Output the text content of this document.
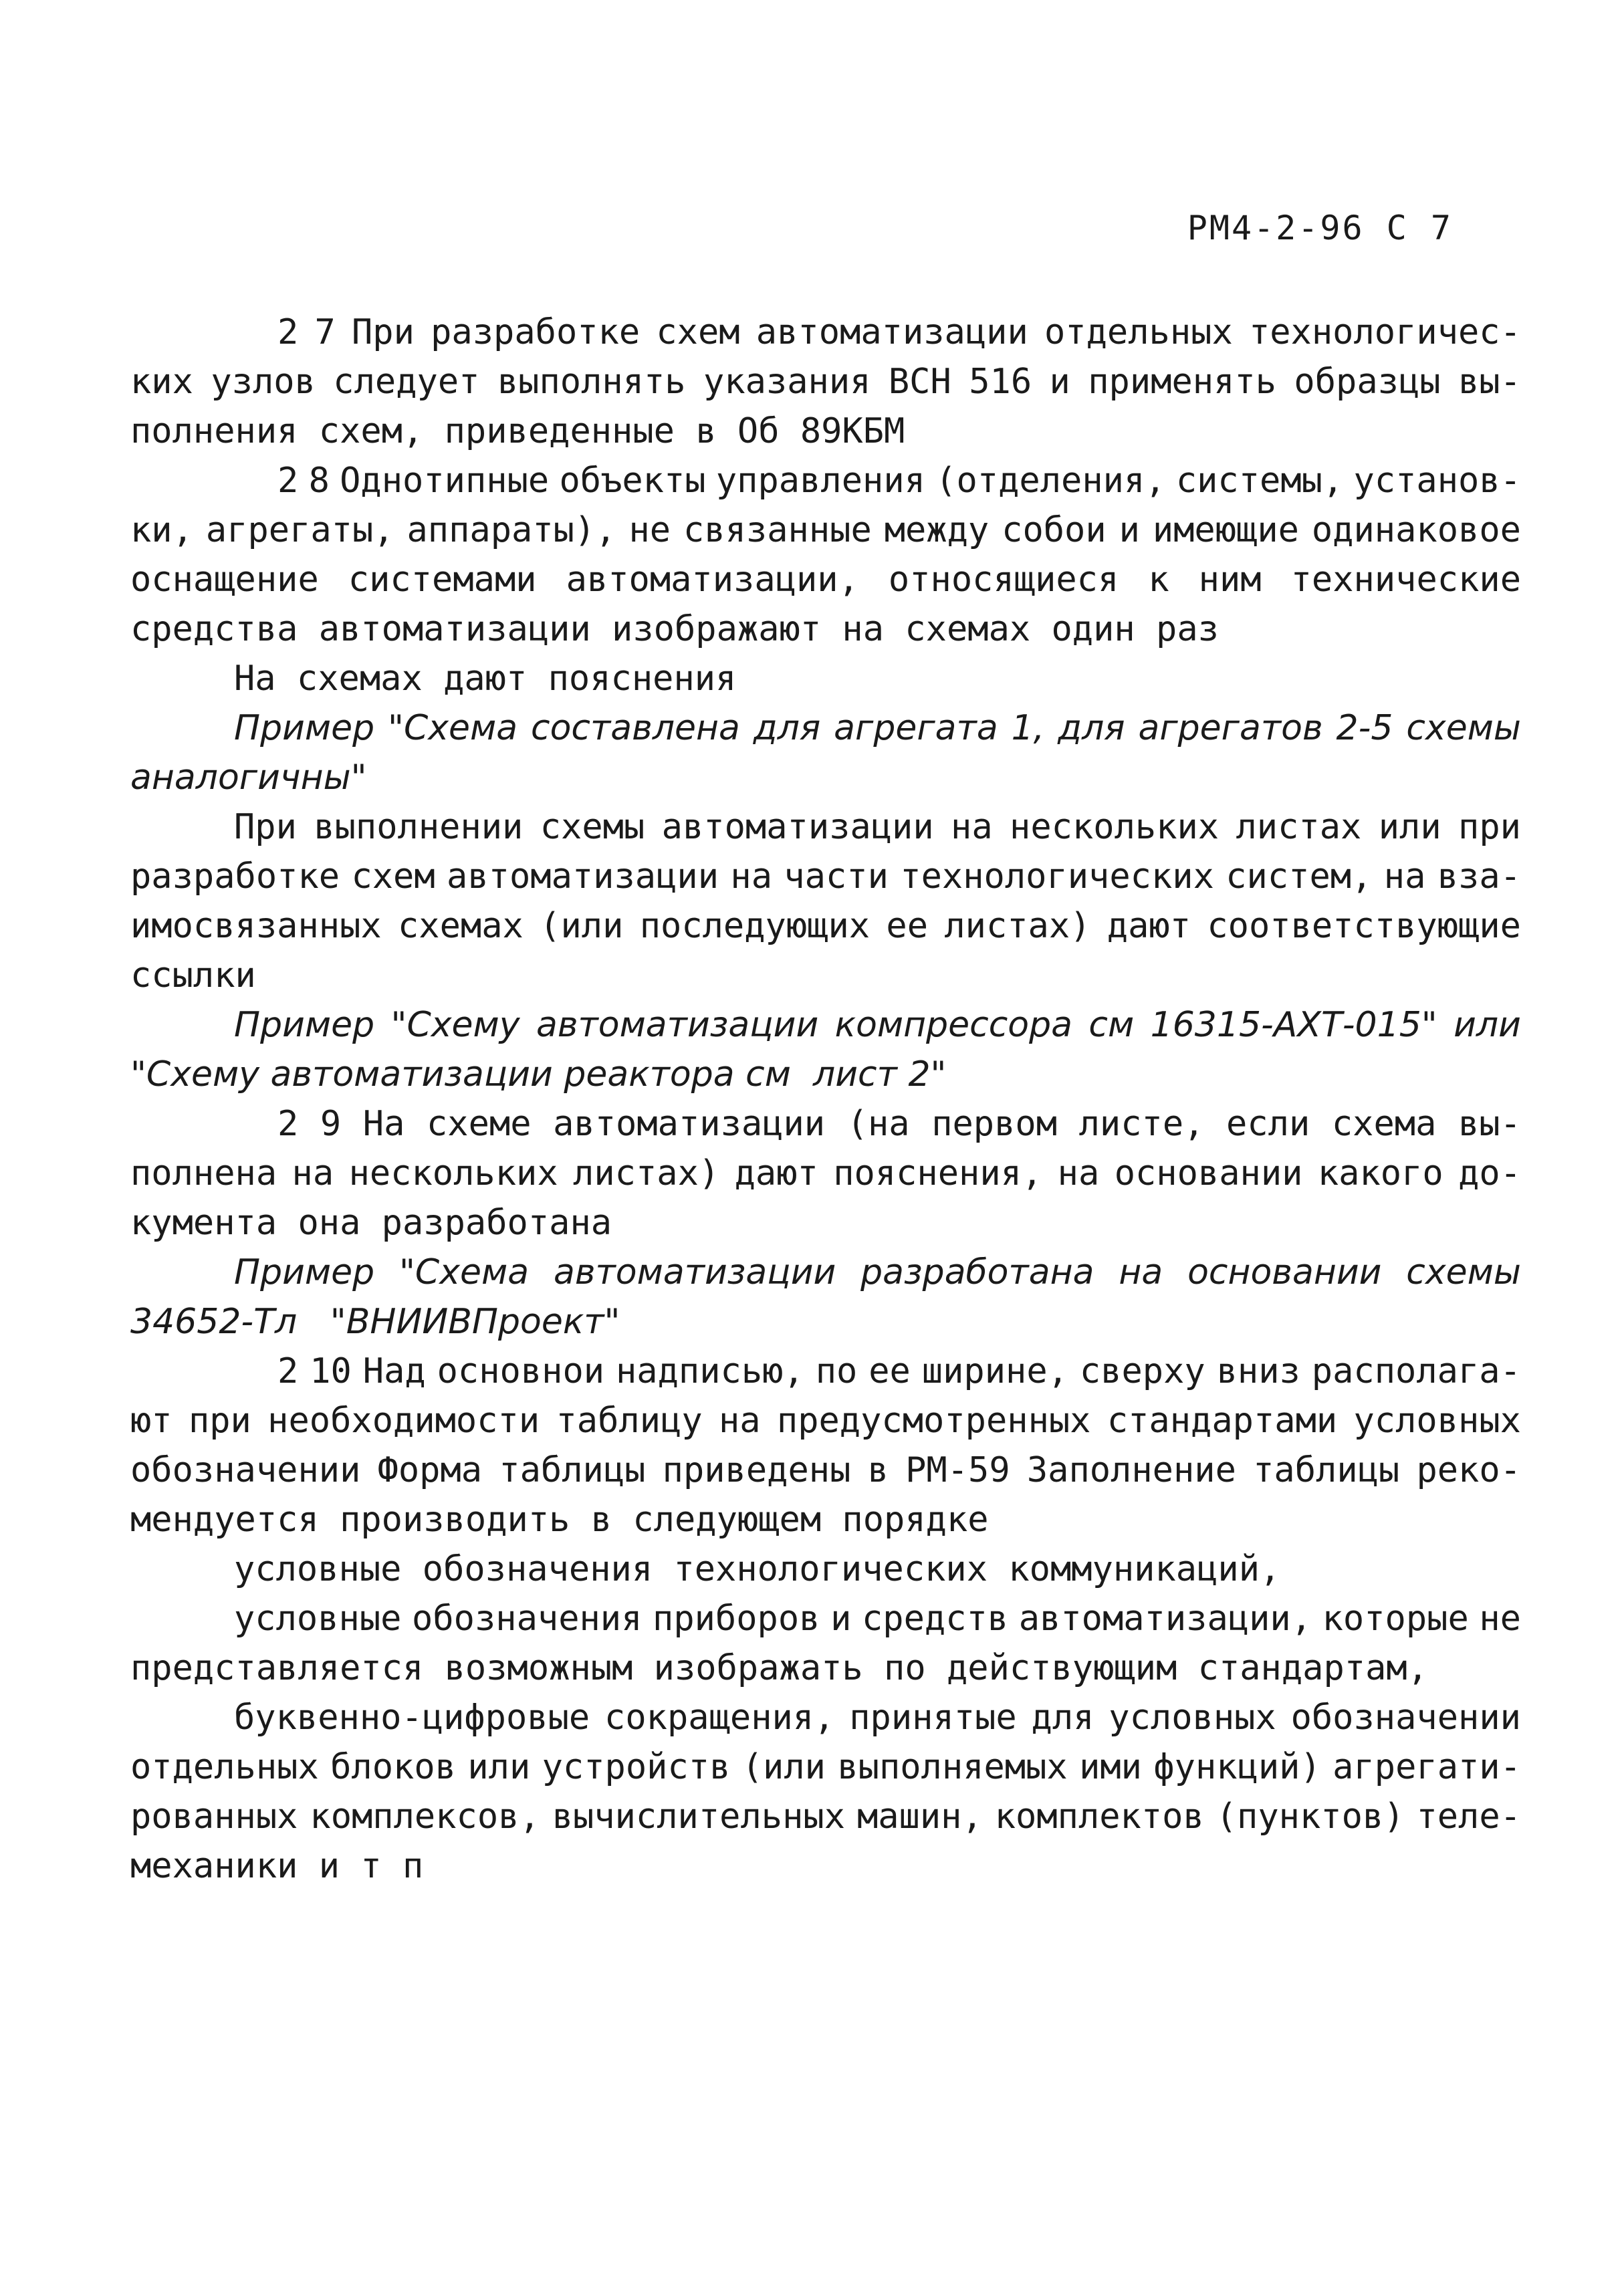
РМ4-2-96 С 7
2 7 При разработке схем автоматизации отдельных технологичес-
ких узлов следует выполнять указания ВСН 516 и применять образцы вы-
полнения схем, приведенные в Об 89КБМ
2 8 Однотипные объекты управления (отделения, системы, установ-
ки, агрегаты, аппараты), не связанные между собои и имеющие одинаковое
оснащение системами автоматизации, относящиеся к ним технические
средства автоматизации изображают на схемах один раз
На схемах дают пояснения
Пример "Схема составлена для агрегата 1, для агрегатов 2-5 схемы
аналогичны"
При выполнении схемы автоматизации на нескольких листах или при
разработке схем автоматизации на части технологических систем, на вза-
имосвязанных схемах (или последующих ее листах) дают соответствующие
ссылки
Пример "Схему автоматизации компрессора см 16315-АХТ-015" или
"Схему автоматизации реактора см  лист 2"
2 9 На схеме автоматизации (на первом листе, если схема вы-
полнена на нескольких листах) дают пояснения, на основании какого до-
кумента она разработана
Пример "Схема автоматизации разработана на основании схемы
34652-Тл   "ВНИИВПроект"
2 10 Над основнои надписью, по ее ширине, сверху вниз располага-
ют при необходимости таблицу на предусмотренных стандартами условных
обозначении Форма таблицы приведены в РМ-59 Заполнение таблицы реко-
мендуется производить в следующем порядке
условные обозначения технологических коммуникаций,
условные обозначения приборов и средств автоматизации, которые не
представляется возможным изображать по действующим стандартам,
буквенно-цифровые сокращения, принятые для условных обозначении
отдельных блоков или устройств (или выполняемых ими функций) агрегати-
рованных комплексов, вычислительных машин, комплектов (пунктов) теле-
механики и т п
